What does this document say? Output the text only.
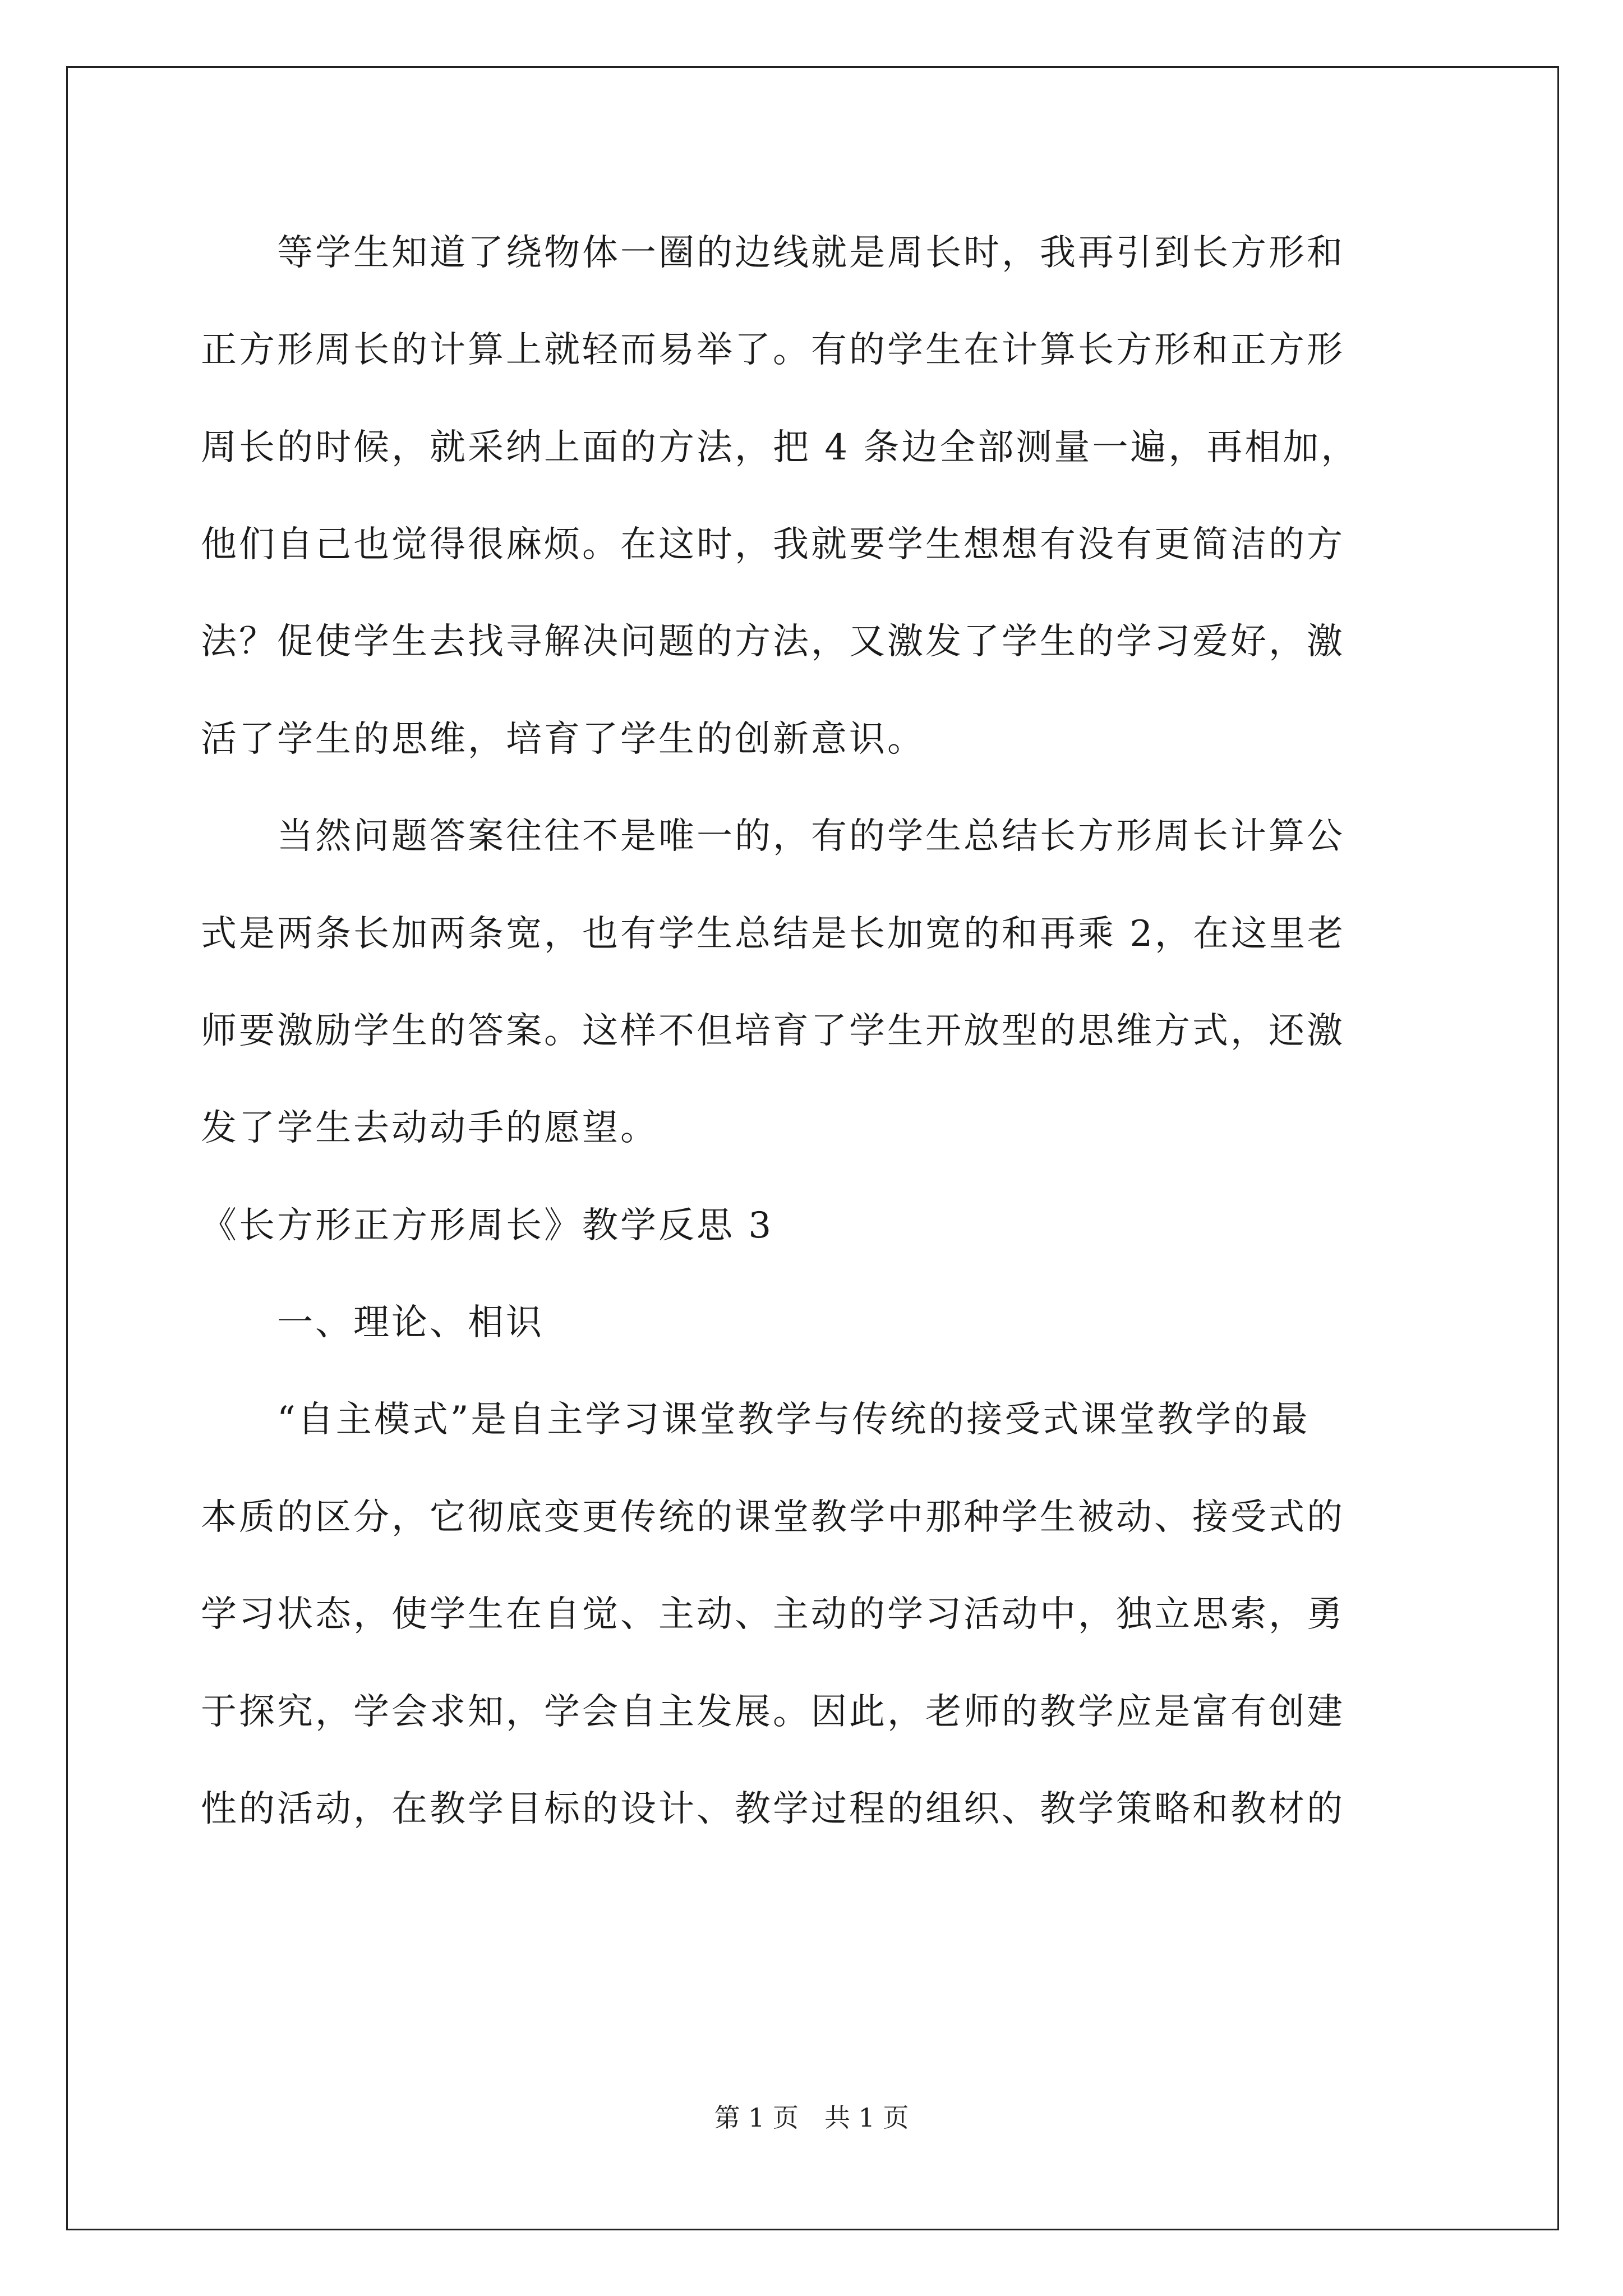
　　等学生知道了绕物体一圈的边线就是周长时，我再引到长方形和
正方形周长的计算上就轻而易举了。有的学生在计算长方形和正方形
周长的时候，就采纳上面的方法，把 4 条边全部测量一遍，再相加，
他们自己也觉得很麻烦。在这时，我就要学生想想有没有更简洁的方
法？促使学生去找寻解决问题的方法，又激发了学生的学习爱好，激
活了学生的思维，培育了学生的创新意识。
　　当然问题答案往往不是唯一的，有的学生总结长方形周长计算公
式是两条长加两条宽，也有学生总结是长加宽的和再乘 2，在这里老
师要激励学生的答案。这样不但培育了学生开放型的思维方式，还激
发了学生去动动手的愿望。
《长方形正方形周长》教学反思 3
　　一、理论、相识
　　“自主模式”是自主学习课堂教学与传统的接受式课堂教学的最
本质的区分，它彻底变更传统的课堂教学中那种学生被动、接受式的
学习状态，使学生在自觉、主动、主动的学习活动中，独立思索，勇
于探究，学会求知，学会自主发展。因此，老师的教学应是富有创建
性的活动，在教学目标的设计、教学过程的组织、教学策略和教材的
第 1 页　共 1 页
